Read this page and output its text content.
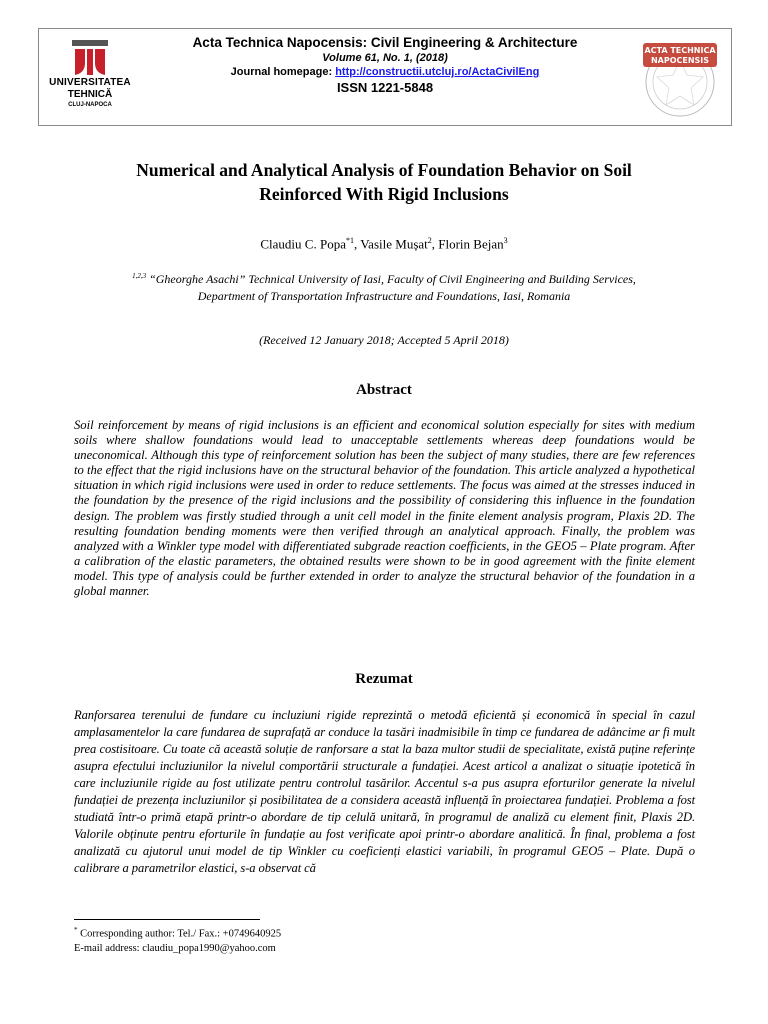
UNIVERSITATEA
TEHNICĂ
CLUJ-NAPOCA
Acta Technica Napocensis: Civil Engineering & Architecture
Volume 61, No. 1, (2018)
Journal homepage: http://constructii.utcluj.ro/ActaCivilEng
ISSN 1221-5848
ACTA TECHNICA
NAPOCENSIS
Numerical and Analytical Analysis of Foundation Behavior on Soil
Reinforced With Rigid Inclusions
Claudiu C. Popa$^{*1}$, Vasile Mușat$^2$, Florin Bejan$^3$
$^{1,2,3}$ “Gheorghe Asachi” Technical University of Iasi, Faculty of Civil Engineering and Building Services,
Department of Transportation Infrastructure and Foundations, Iasi, Romania
(Received 12 January 2018; Accepted 5 April 2018)
Abstract

Soil reinforcement by means of rigid inclusions is an efficient and economical solution especially for sites with medium soils where shallow foundations would lead to unacceptable settlements whereas deep foundations would be uneconomical. Although this type of reinforcement solution has been the subject of many studies, there are few references to the effect that the rigid inclusions have on the structural behavior of the foundation. This article analyzed a hypothetical situation in which rigid inclusions were used in order to reduce settlements. The focus was aimed at the stresses induced in the foundation by the presence of the rigid inclusions and the possibility of considering this influence in the foundation design. The problem was firstly studied through a unit cell model in the finite element analysis program, Plaxis 2D. The resulting foundation bending moments were then verified through an analytical approach. Finally, the problem was analyzed with a Winkler type model with differentiated subgrade reaction coefficients, in the GEO5 – Plate program. After a calibration of the elastic parameters, the obtained results were shown to be in good agreement with the finite element model. This type of analysis could be further extended in order to analyze the structural behavior of the foundation in a global manner.

Rezumat

Ranforsarea terenului de fundare cu incluziuni rigide reprezintă o metodă eficientă și economică în special în cazul amplasamentelor la care fundarea de suprafață ar conduce la tasări inadmisibile în timp ce fundarea de adâncime ar fi mult prea costisitoare. Cu toate că această soluție de ranforsare a stat la baza multor studii de specialitate, există puține referințe asupra efectului incluziunilor la nivelul comportării structurale a fundației. Acest articol a analizat o situație ipotetică în care incluziunile rigide au fost utilizate pentru controlul tasărilor. Accentul s-a pus asupra eforturilor generate la nivelul fundației de prezența incluziunilor și posibilitatea de a considera această influență în proiectarea fundației. Problema a fost studiată într-o primă etapă printr-o abordare de tip celulă unitară, în programul de analiză cu element finit, Plaxis 2D. Valorile obținute pentru eforturile în fundație au fost verificate apoi printr-o abordare analitică. În final, problema a fost analizată cu ajutorul unui model de tip Winkler cu coeficienți elastici variabili, în programul GEO5 – Plate. După o calibrare a parametrilor elastici, s-a observat că

* Corresponding author: Tel./ Fax.: +0749640925
E-mail address: claudiu_popa1990@yahoo.com
